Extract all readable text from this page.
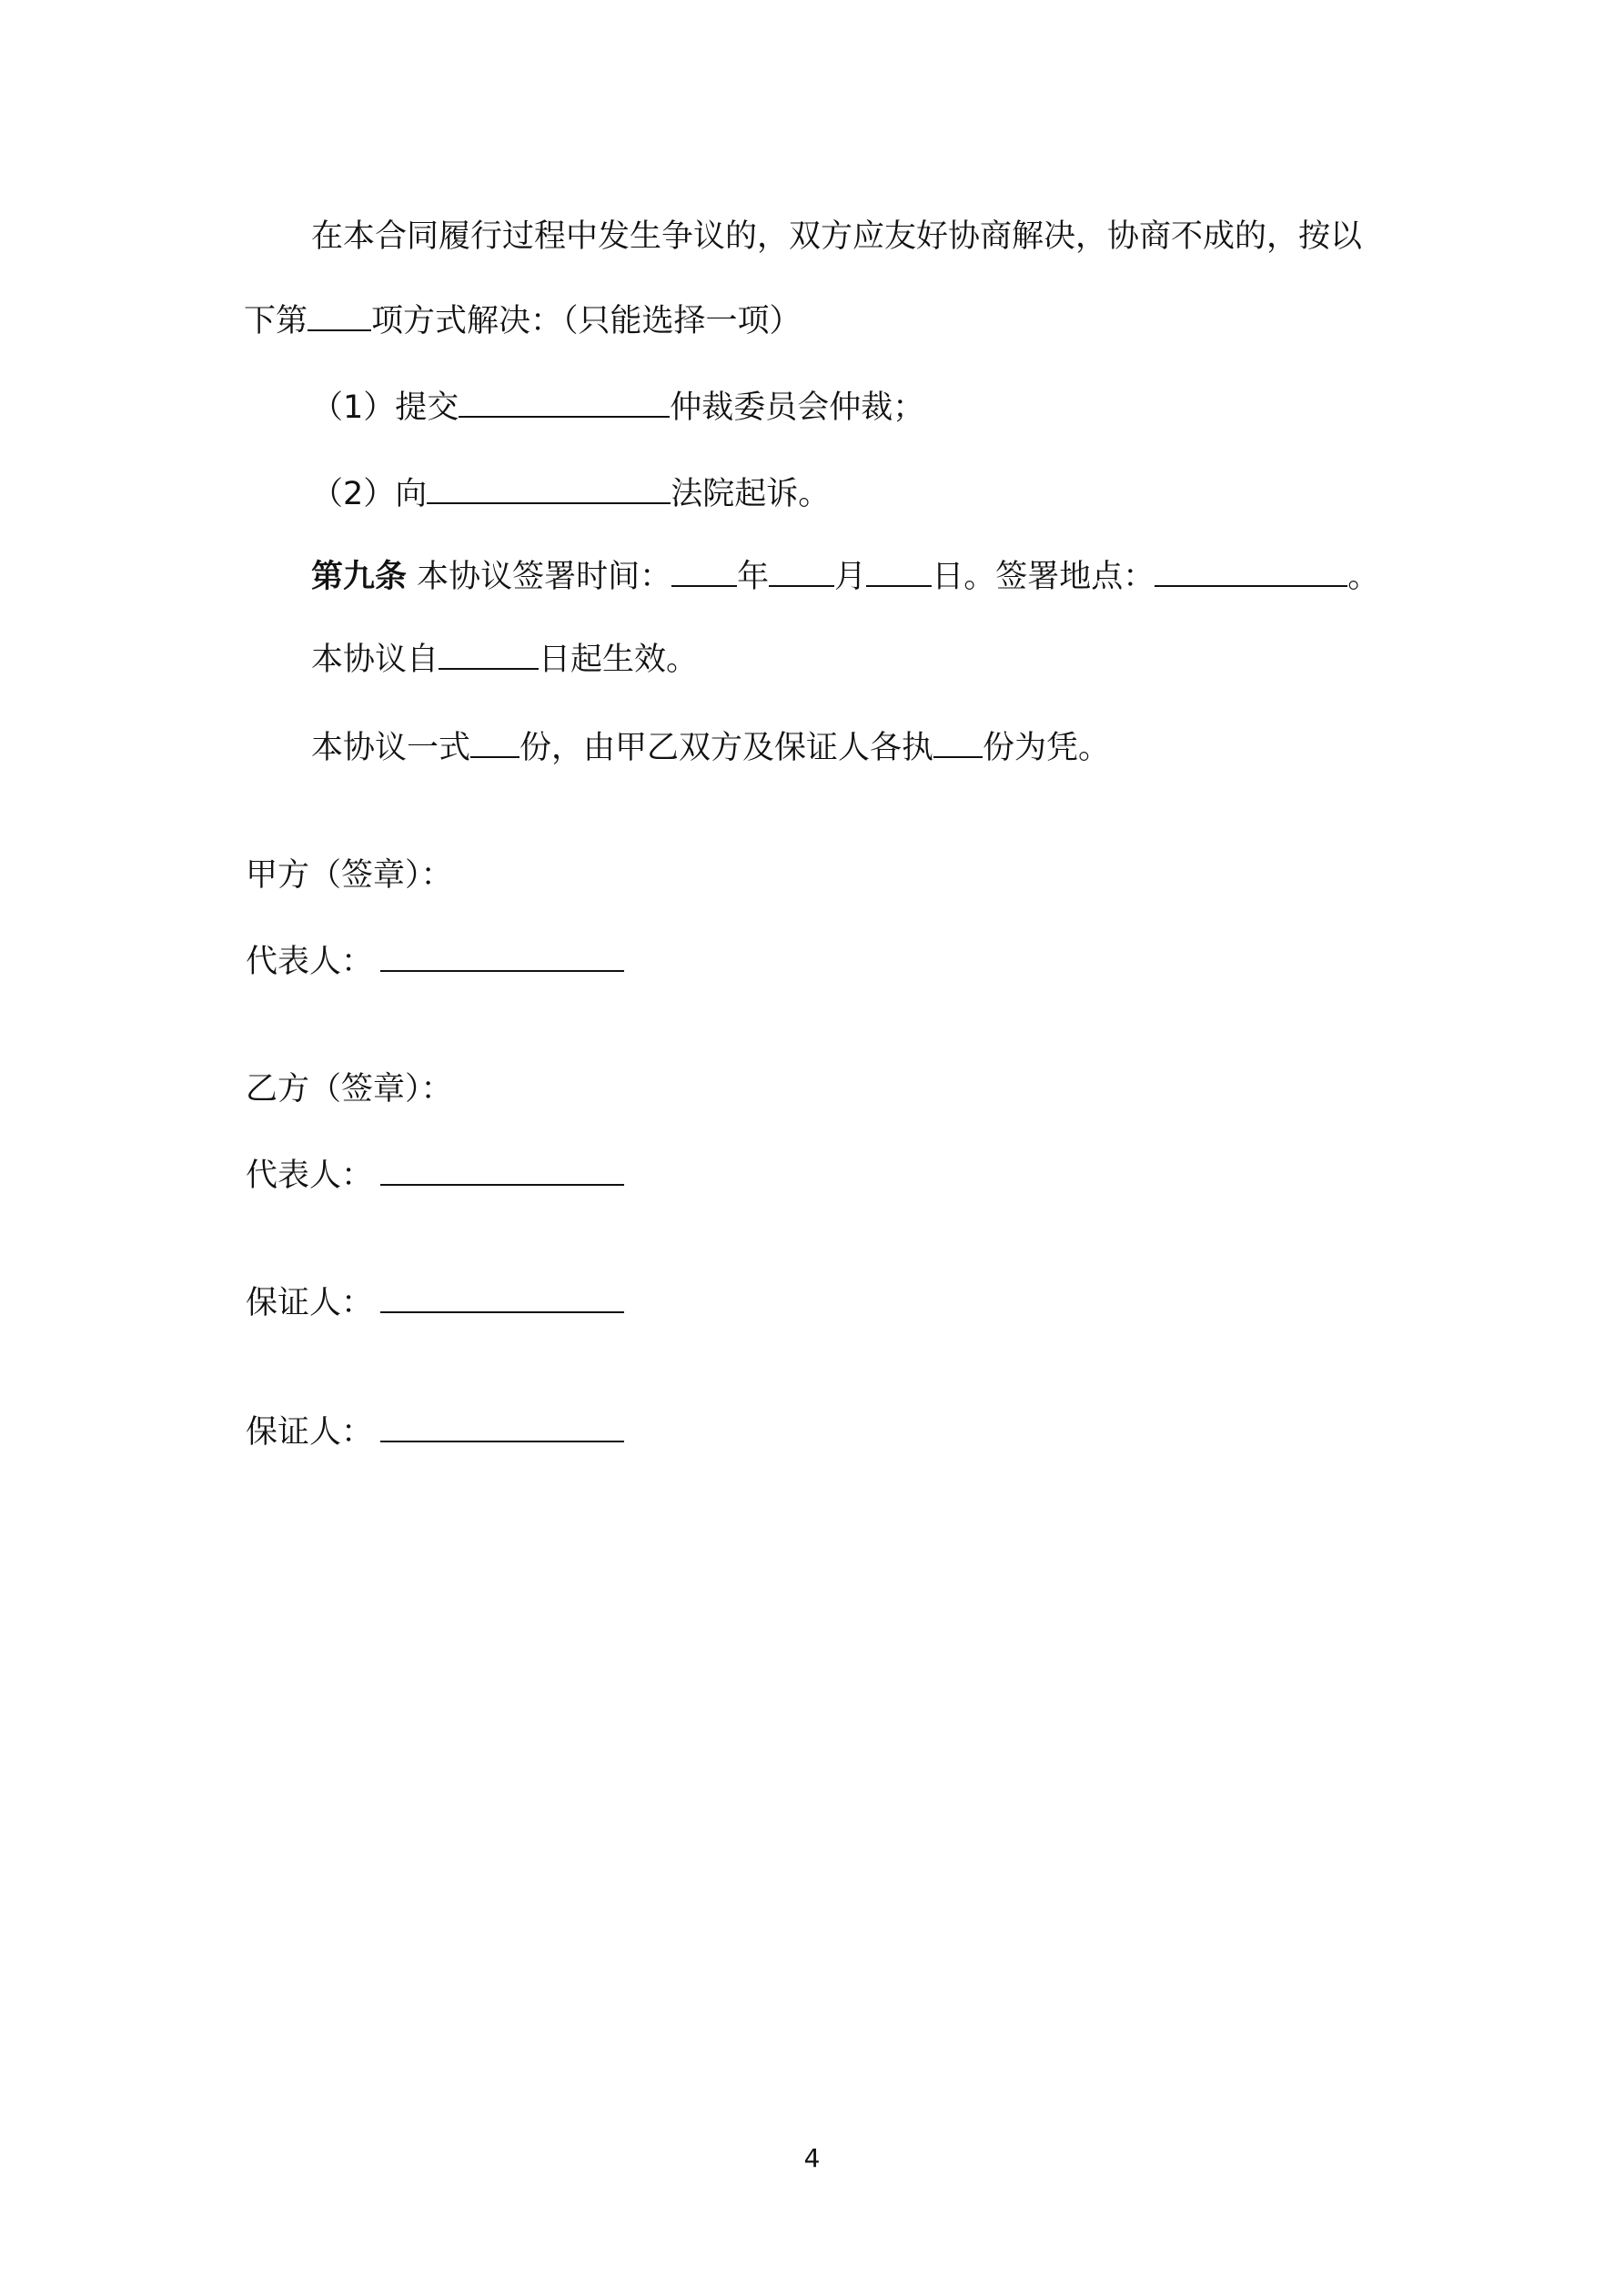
在本合同履行过程中发生争议的，双方应友好协商解决，协商不成的，按以

下第 项方式解决：（只能选择一项）

（1）提交	仲裁委员会仲裁；

（2）向	法院起诉。

第九条 本协议签署时间： 年 月 日。签署地点：	。

本协议自	日起生效。

本协议一式 份，由甲乙双方及保证人各执 份为凭。

甲方（签章）：

代表人：

乙方（签章）：

代表人：

保证人：

保证人：

4
